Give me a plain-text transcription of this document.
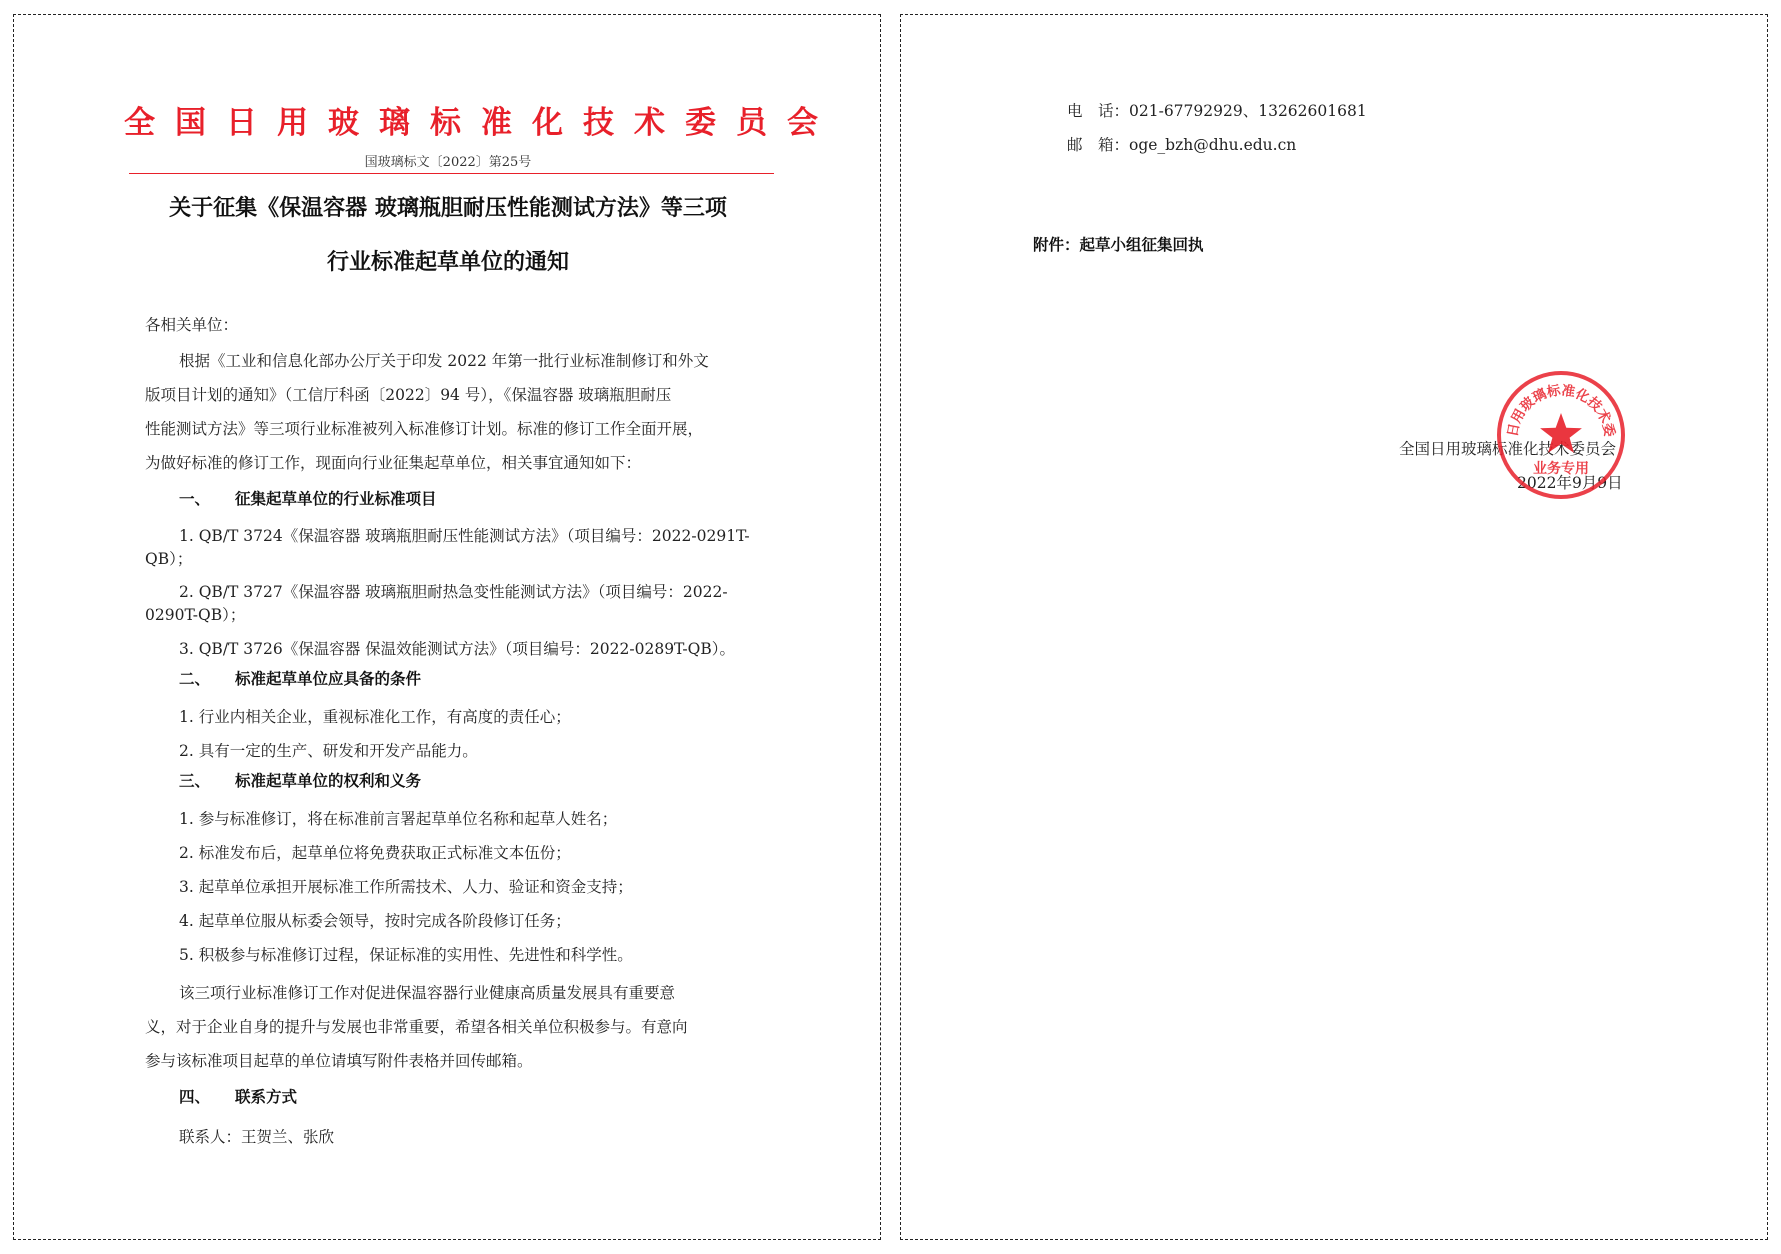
全国日用玻璃标准化技术委员会
国玻璃标文〔2022〕第25号
关于征集《保温容器 玻璃瓶胆耐压性能测试方法》等三项
行业标准起草单位的通知
各相关单位：
根据《工业和信息化部办公厅关于印发 2022 年第一批行业标准制修订和外文
版项目计划的通知》（工信厅科函〔2022〕94 号），《保温容器 玻璃瓶胆耐压
性能测试方法》等三项行业标准被列入标准修订计划。标准的修订工作全面开展，
为做好标准的修订工作，现面向行业征集起草单位，相关事宜通知如下：
一、 征集起草单位的行业标准项目
1. QB/T 3724《保温容器 玻璃瓶胆耐压性能测试方法》（项目编号：2022-0291T-QB）；
2. QB/T 3727《保温容器 玻璃瓶胆耐热急变性能测试方法》（项目编号：2022-0290T-QB）；
3. QB/T 3726《保温容器 保温效能测试方法》（项目编号：2022-0289T-QB）。
二、 标准起草单位应具备的条件
1. 行业内相关企业，重视标准化工作，有高度的责任心；
2. 具有一定的生产、研发和开发产品能力。
三、 标准起草单位的权利和义务
1. 参与标准修订，将在标准前言署起草单位名称和起草人姓名；
2. 标准发布后，起草单位将免费获取正式标准文本伍份；
3. 起草单位承担开展标准工作所需技术、人力、验证和资金支持；
4. 起草单位服从标委会领导，按时完成各阶段修订任务；
5. 积极参与标准修订过程，保证标准的实用性、先进性和科学性。
该三项行业标准修订工作对促进保温容器行业健康高质量发展具有重要意
义，对于企业自身的提升与发展也非常重要，希望各相关单位积极参与。有意向
参与该标准项目起草的单位请填写附件表格并回传邮箱。
四、 联系方式
联系人：王贺兰、张欣
电　话：021-67792929、13262601681
邮　箱：oge_bzh@dhu.edu.cn
附件：起草小组征集回执
全国日用玻璃标准化技术委员会
2022年9月9日
日用玻璃标准化技术委
业务专用
